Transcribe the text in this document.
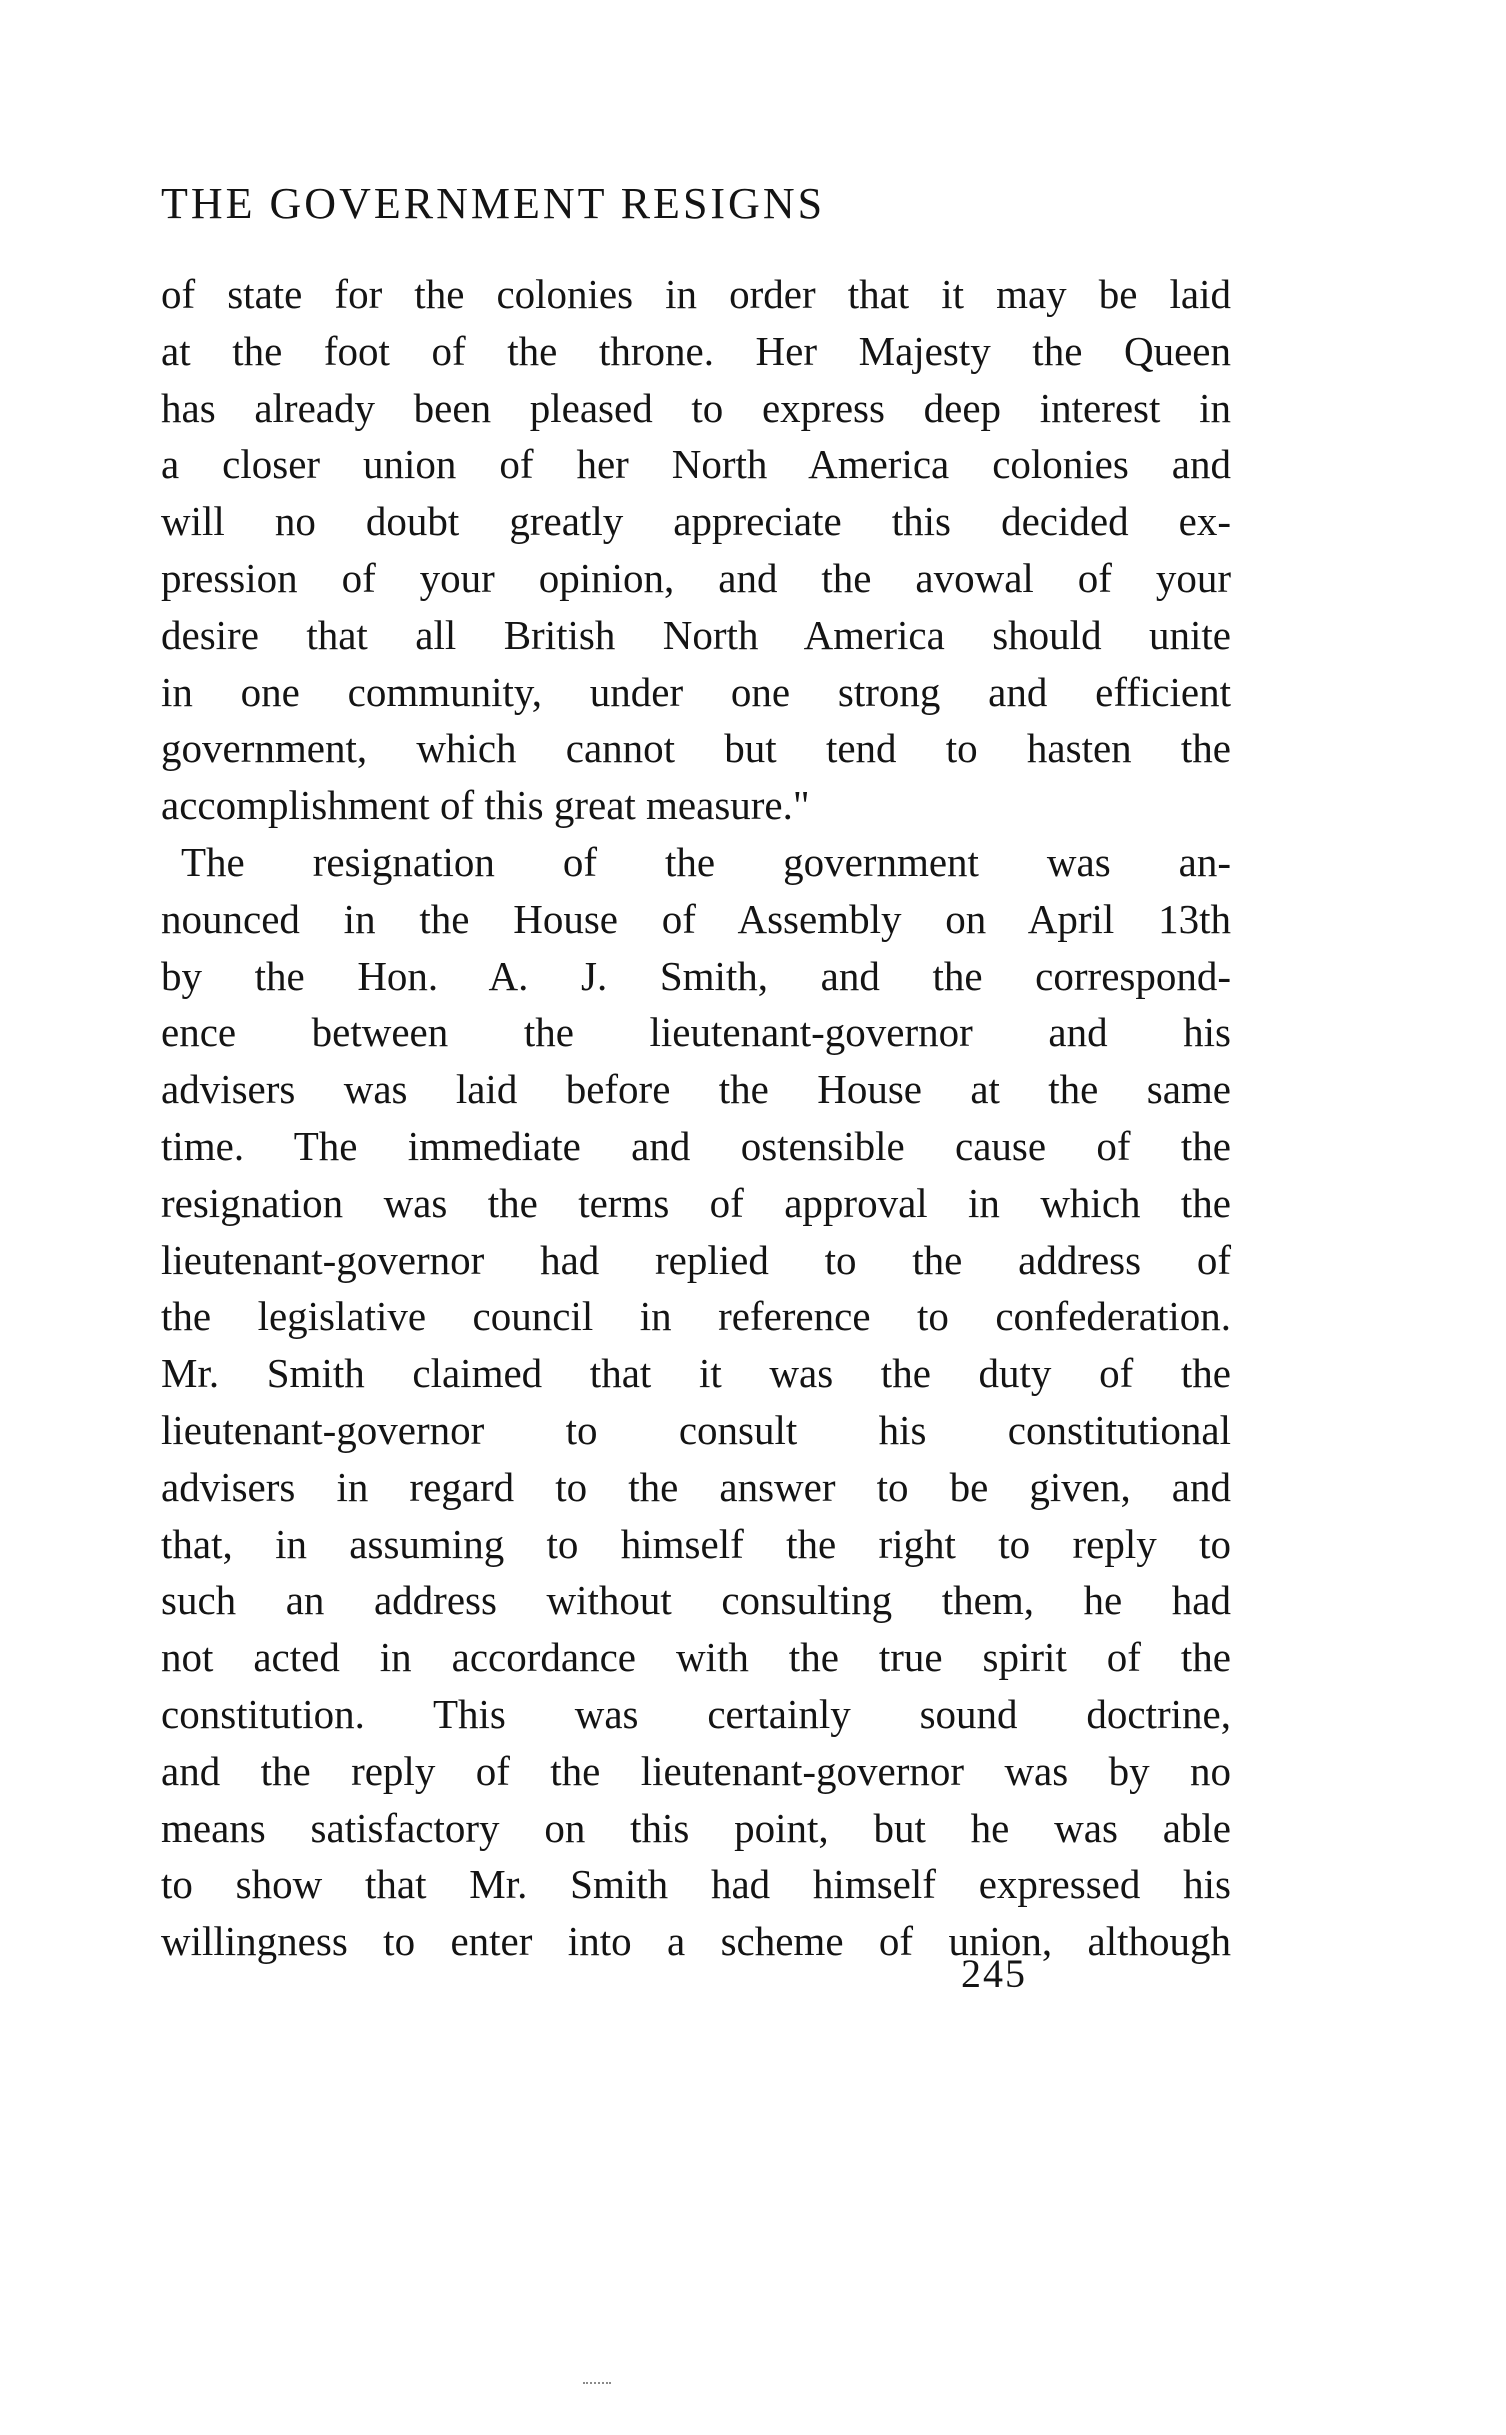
THE GOVERNMENT RESIGNS
of state for the colonies in order that it may be laid
at the foot of the throne. Her Majesty the Queen
has already been pleased to express deep interest in
a closer union of her North America colonies and
will no doubt greatly appreciate this decided ex-
pression of your opinion, and the avowal of your
desire that all British North America should unite
in one community, under one strong and efficient
government, which cannot but tend to hasten the
accomplishment of this great measure."
The resignation of the government was an-
nounced in the House of Assembly on April 13th
by the Hon. A. J. Smith, and the correspond-
ence between the lieutenant-governor and his
advisers was laid before the House at the same
time. The immediate and ostensible cause of the
resignation was the terms of approval in which the
lieutenant-governor had replied to the address of
the legislative council in reference to confederation.
Mr. Smith claimed that it was the duty of the
lieutenant-governor to consult his constitutional
advisers in regard to the answer to be given, and
that, in assuming to himself the right to reply to
such an address without consulting them, he had
not acted in accordance with the true spirit of the
constitution. This was certainly sound doctrine,
and the reply of the lieutenant-governor was by no
means satisfactory on this point, but he was able
to show that Mr. Smith had himself expressed his
willingness to enter into a scheme of union, although

245
